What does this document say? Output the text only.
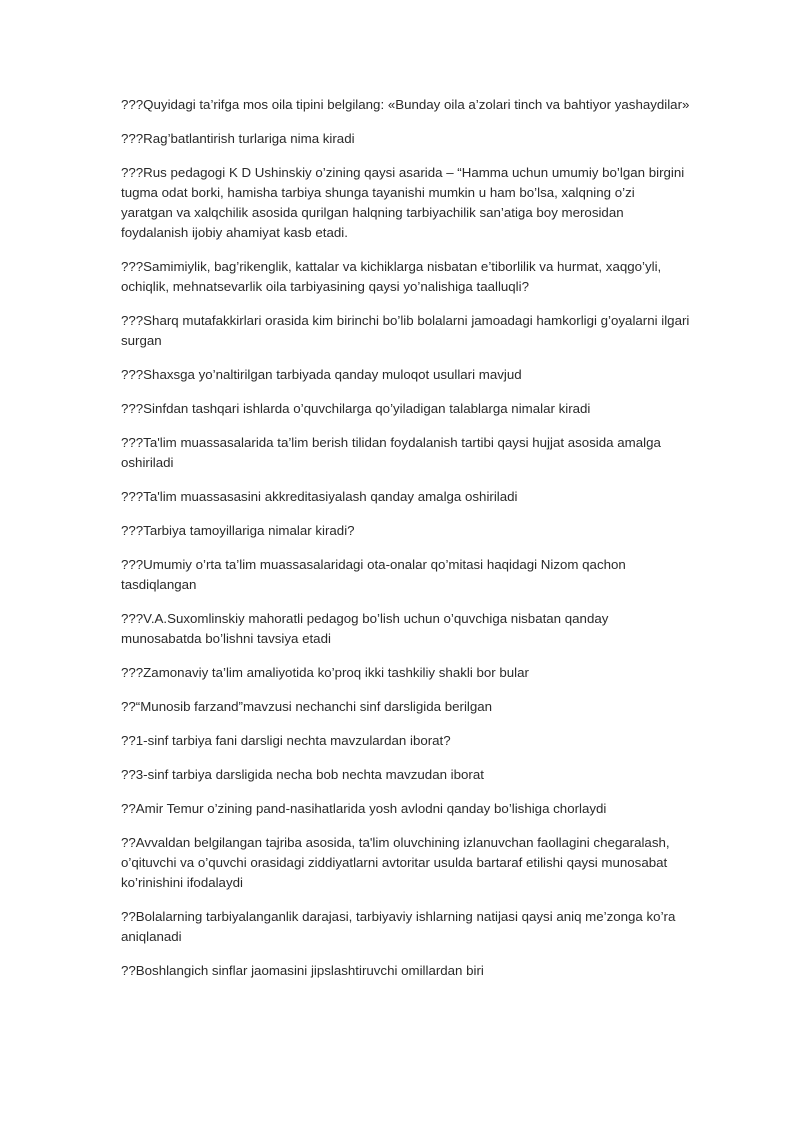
???Quyidagi ta’rifga mos oila tipini belgilang: «Bunday oila a’zolari tinch va bahtiyor yashaydilar»

???Rag’batlantirish turlariga nima kiradi

???Rus pedagogi K D Ushinskiy o’zining qaysi asarida – “Hamma uchun umumiy bo’lgan birgini tugma odat borki, hamisha tarbiya shunga tayanishi mumkin u ham bo’lsa, xalqning o’zi yaratgan va xalqchilik asosida qurilgan halqning tarbiyachilik san’atiga boy merosidan foydalanish ijobiy ahamiyat kasb etadi.

???Samimiylik, bag’rikenglik, kattalar va kichiklarga nisbatan e’tiborlilik va hurmat, xaqgo’yli, ochiqlik, mehnatsevarlik oila tarbiyasining qaysi yo’nalishiga taalluqli?

???Sharq mutafakkirlari orasida kim birinchi bo’lib bolalarni jamoadagi hamkorligi g’oyalarni ilgari surgan

???Shaxsga yo’naltirilgan tarbiyada qanday muloqot usullari mavjud

???Sinfdan tashqari ishlarda o’quvchilarga qo’yiladigan talablarga nimalar kiradi

???Ta'lim muassasalarida ta’lim berish tilidan foydalanish tartibi qaysi hujjat asosida amalga oshiriladi

???Ta'lim muassasasini akkreditasiyalash qanday amalga oshiriladi

???Tarbiya tamoyillariga nimalar kiradi?

???Umumiy o’rta ta’lim muassasalaridagi ota-onalar qo’mitasi haqidagi Nizom qachon tasdiqlangan

???V.A.Suxomlinskiy mahoratli pedagog bo’lish uchun o’quvchiga nisbatan qanday munosabatda bo’lishni tavsiya etadi

???Zamonaviy ta’lim amaliyotida ko’proq ikki tashkiliy shakli bor bular

??“Munosib farzand”mavzusi nechanchi sinf darsligida berilgan

??1-sinf tarbiya fani darsligi nechta mavzulardan iborat?

??3-sinf tarbiya darsligida necha bob nechta mavzudan iborat

??Amir Temur o’zining pand-nasihatlarida yosh avlodni qanday bo’lishiga chorlaydi

??Avvaldan belgilangan tajriba asosida, ta'lim oluvchining izlanuvchan faollagini chegaralash, o’qituvchi va o’quvchi orasidagi ziddiyatlarni avtoritar usulda bartaraf etilishi qaysi munosabat ko’rinishini ifodalaydi

??Bolalarning tarbiyalanganlik darajasi, tarbiyaviy ishlarning natijasi qaysi aniq me’zonga ko’ra aniqlanadi

??Boshlangich sinflar jaomasini jipslashtiruvchi omillardan biri
